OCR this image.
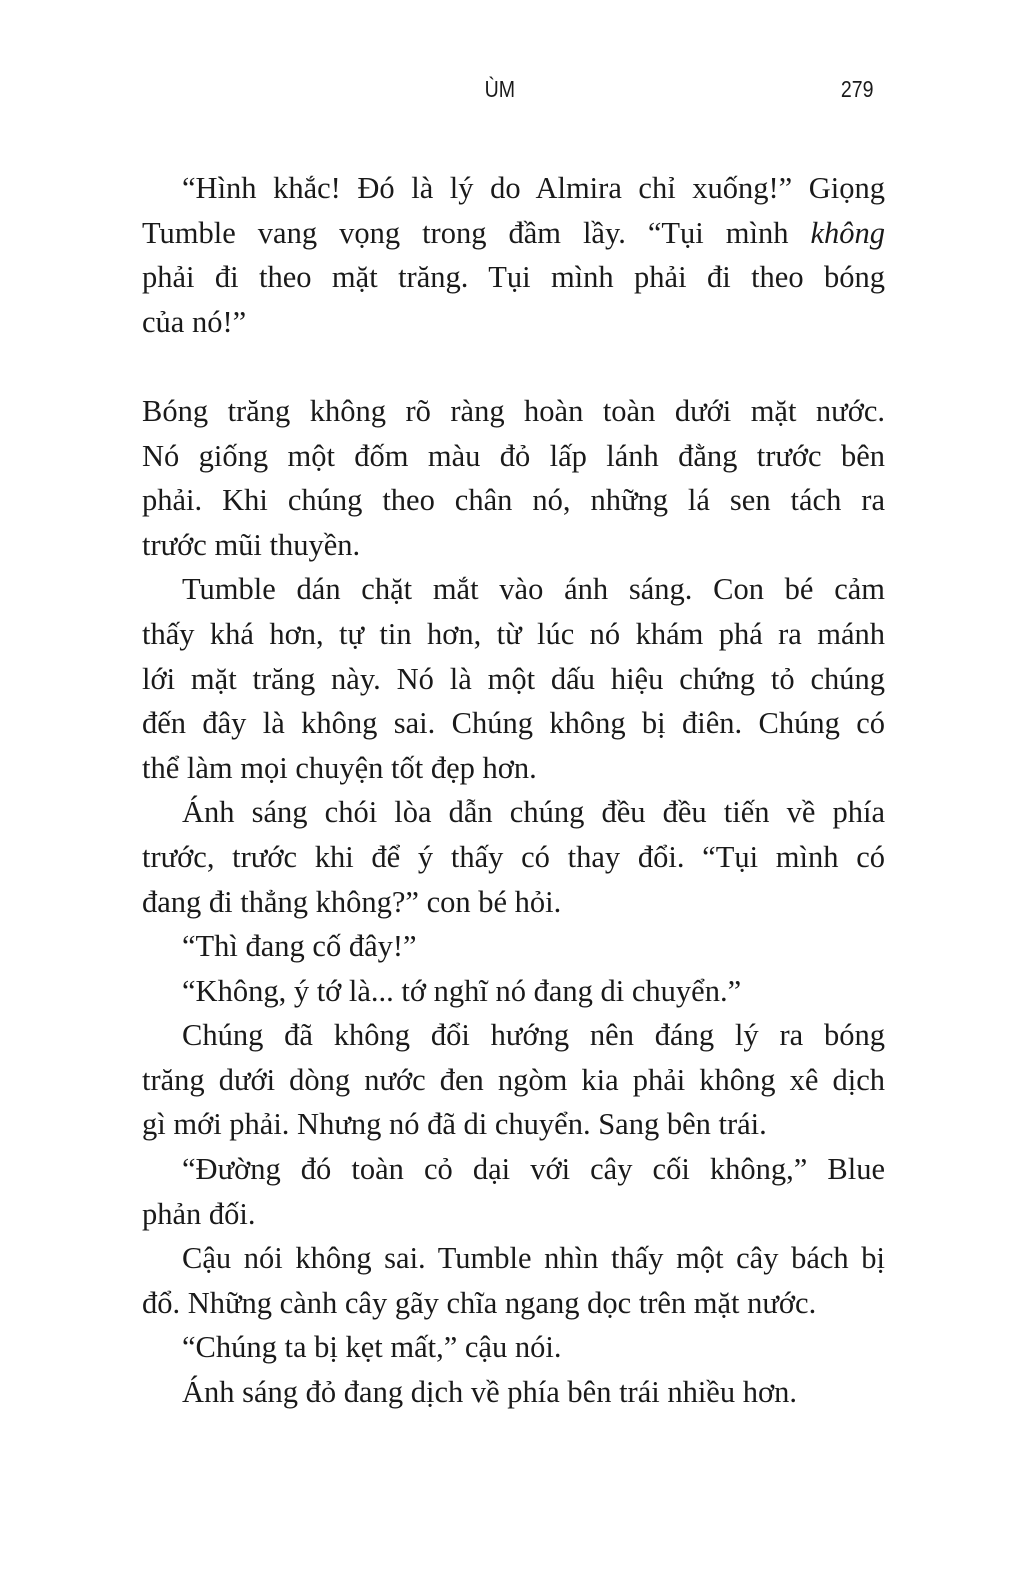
ÙM	279
“Hình khắc! Đó là lý do Almira chỉ xuống!” Giọng
Tumble vang vọng trong đầm lầy. “Tụi mình không
phải đi theo mặt trăng. Tụi mình phải đi theo bóng
của nó!”
Bóng trăng không rõ ràng hoàn toàn dưới mặt nước.
Nó giống một đốm màu đỏ lấp lánh đằng trước bên
phải. Khi chúng theo chân nó, những lá sen tách ra
trước mũi thuyền.
Tumble dán chặt mắt vào ánh sáng. Con bé cảm
thấy khá hơn, tự tin hơn, từ lúc nó khám phá ra mánh
lới mặt trăng này. Nó là một dấu hiệu chứng tỏ chúng
đến đây là không sai. Chúng không bị điên. Chúng có
thể làm mọi chuyện tốt đẹp hơn.
Ánh sáng chói lòa dẫn chúng đều đều tiến về phía
trước, trước khi để ý thấy có thay đổi. “Tụi mình có
đang đi thẳng không?” con bé hỏi.
“Thì đang cố đây!”
“Không, ý tớ là... tớ nghĩ nó đang di chuyển.”
Chúng đã không đổi hướng nên đáng lý ra bóng
trăng dưới dòng nước đen ngòm kia phải không xê dịch
gì mới phải. Nhưng nó đã di chuyển. Sang bên trái.
“Đường đó toàn cỏ dại với cây cối không,” Blue
phản đối.
Cậu nói không sai. Tumble nhìn thấy một cây bách bị
đổ. Những cành cây gãy chĩa ngang dọc trên mặt nước.
“Chúng ta bị kẹt mất,” cậu nói.
Ánh sáng đỏ đang dịch về phía bên trái nhiều hơn.
